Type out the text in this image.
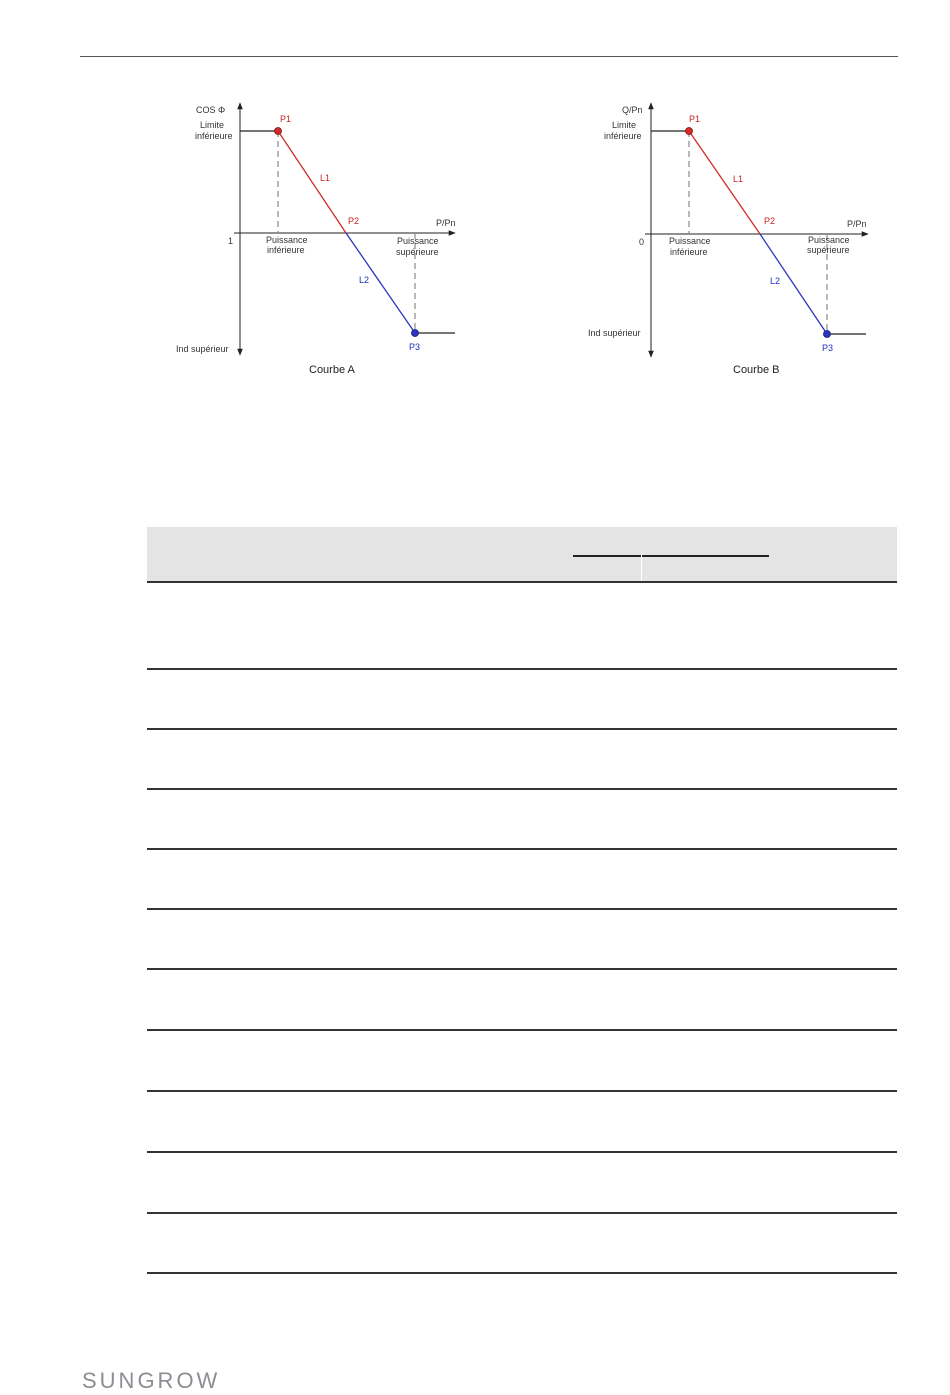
COS Φ
Limite
inférieure
1
P/Pn
Ind supérieur
Puissance
inférieure
Puissance
supérieure
P1
L1
P2
L2
P3
Courbe A
Q/Pn
Limite
inférieure
0
P/Pn
Ind supérieur
Puissance
inférieure
Puissance
supérieure
P1
L1
P2
L2
P3
Courbe B
SUNGROW
